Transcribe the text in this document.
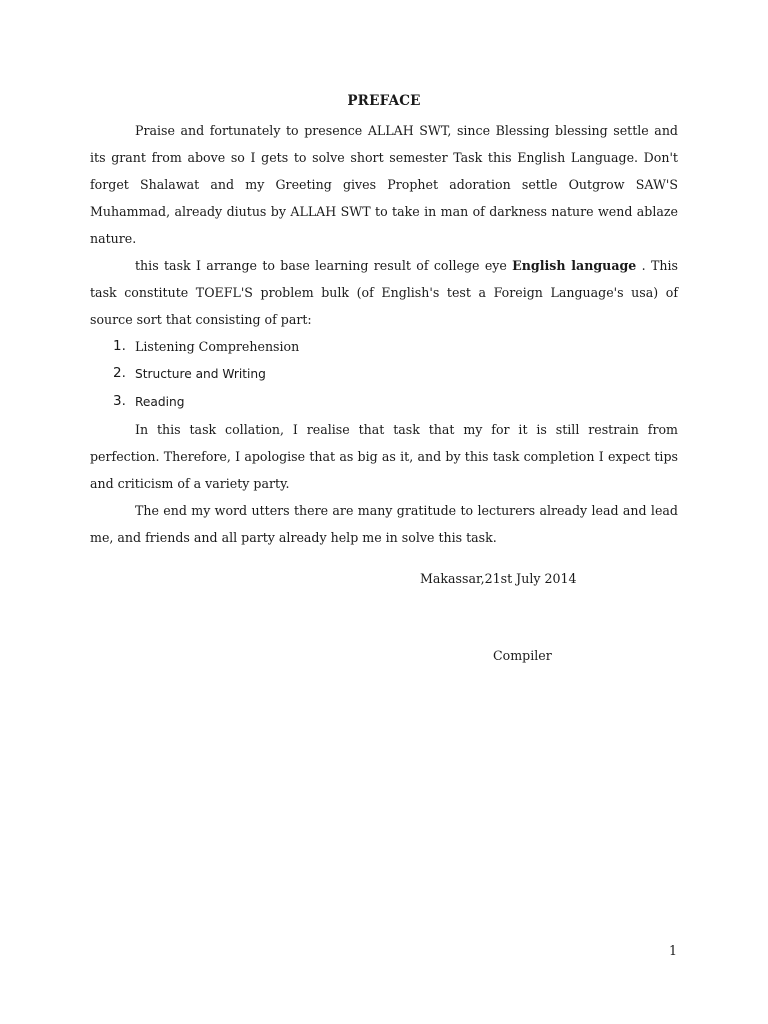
PREFACE

Praise and fortunately to presence ALLAH SWT, since Blessing blessing settle and its grant from above so I gets to solve short semester Task this English Language. Don't forget Shalawat and my Greeting gives Prophet adoration settle Outgrow SAW'S Muhammad, already diutus by ALLAH SWT to take in man of darkness nature wend ablaze nature.

this task I arrange to base learning result of college eye English language . This task constitute TOEFL'S problem bulk (of English's test a Foreign Language's usa) of source sort that consisting of part:

1. Listening Comprehension
2. Structure and Writing
3. Reading

In this task collation, I realise that task that my for it is still restrain from perfection. Therefore, I apologise that as big as it, and by this task completion I expect tips and criticism of a variety party.

The end my word utters there are many gratitude to lecturers already lead and lead me, and friends and all party already help me in solve this task.

Makassar,21st July 2014
Compiler
1
